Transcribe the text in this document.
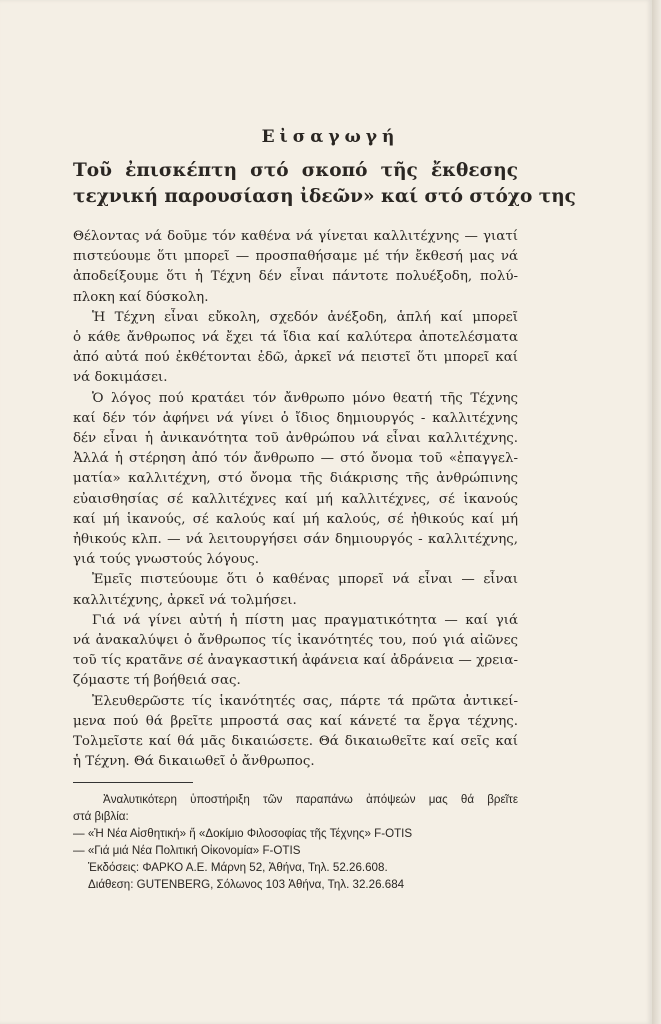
Εἰσαγωγή
Τοῦ ἐπισκέπτη στό σκοπό τῆς ἔκθεσης
τεχνική παρουσίαση ἰδεῶν» καί στό στόχο της
Θέλοντας νά δοῦμε τόν καθένα νά γίνεται καλλιτέχνης — γιατί
πιστεύουμε ὅτι μπορεῖ — προσπαθήσαμε μέ τήν ἔκθεσή μας νά
ἀποδείξουμε ὅτι ἡ Τέχνη δέν εἶναι πάντοτε πολυέξοδη, πολύ-
πλοκη καί δύσκολη.
Ἡ Τέχνη εἶναι εὔκολη, σχεδόν ἀνέξοδη, ἁπλή καί μπορεῖ
ὁ κάθε ἄνθρωπος νά ἔχει τά ἴδια καί καλύτερα ἀποτελέσματα
ἀπό αὐτά πού ἐκθέτονται ἐδῶ, ἀρκεῖ νά πειστεῖ ὅτι μπορεῖ καί
νά δοκιμάσει.
Ὁ λόγος πού κρατάει τόν ἄνθρωπο μόνο θεατή τῆς Τέχνης
καί δέν τόν ἀφήνει νά γίνει ὁ ἴδιος δημιουργός - καλλιτέχνης
δέν εἶναι ἡ ἀνικανότητα τοῦ ἀνθρώπου νά εἶναι καλλιτέχνης.
Ἀλλά ἡ στέρηση ἀπό τόν ἄνθρωπο — στό ὄνομα τοῦ «ἐπαγγελ-
ματία» καλλιτέχνη, στό ὄνομα τῆς διάκρισης τῆς ἀνθρώπινης
εὐαισθησίας σέ καλλιτέχνες καί μή καλλιτέχνες, σέ ἱκανούς
καί μή ἱκανούς, σέ καλούς καί μή καλούς, σέ ἠθικούς καί μή
ἠθικούς κλπ. — νά λειτουργήσει σάν δημιουργός - καλλιτέχνης,
γιά τούς γνωστούς λόγους.
Ἐμεῖς πιστεύουμε ὅτι ὁ καθένας μπορεῖ νά εἶναι — εἶναι
καλλιτέχνης, ἀρκεῖ νά τολμήσει.
Γιά νά γίνει αὐτή ἡ πίστη μας πραγματικότητα — καί γιά
νά ἀνακαλύψει ὁ ἄνθρωπος τίς ἱκανότητές του, πού γιά αἰῶνες
τοῦ τίς κρατᾶνε σέ ἀναγκαστική ἀφάνεια καί ἀδράνεια — χρεια-
ζόμαστε τή βοήθειά σας.
Ἐλευθερῶστε τίς ἱκανότητές σας, πάρτε τά πρῶτα ἀντικεί-
μενα πού θά βρεῖτε μπροστά σας καί κάνετέ τα ἔργα τέχνης.
Τολμεῖστε καί θά μᾶς δικαιώσετε. Θά δικαιωθεῖτε καί σεῖς καί
ἡ Τέχνη. Θά δικαιωθεῖ ὁ ἄνθρωπος.
Ἀναλυτικότερη ὑποστήριξη τῶν παραπάνω ἀπόψεών μας θά βρεῖτε
στά βιβλία:
— «Ἡ Νέα Αἰσθητική» ἤ «Δοκίμιο Φιλοσοφίας τῆς Τέχνης» F-OTIS
— «Γιά μιά Νέα Πολιτική Οἰκονομία» F-OTIS
Ἐκδόσεις: ΦΑΡΚΟ Α.Ε. Μάρνη 52, Ἀθήνα, Τηλ. 52.26.608.
Διάθεση: GUTENBERG, Σόλωνος 103 Ἀθήνα, Τηλ. 32.26.684
